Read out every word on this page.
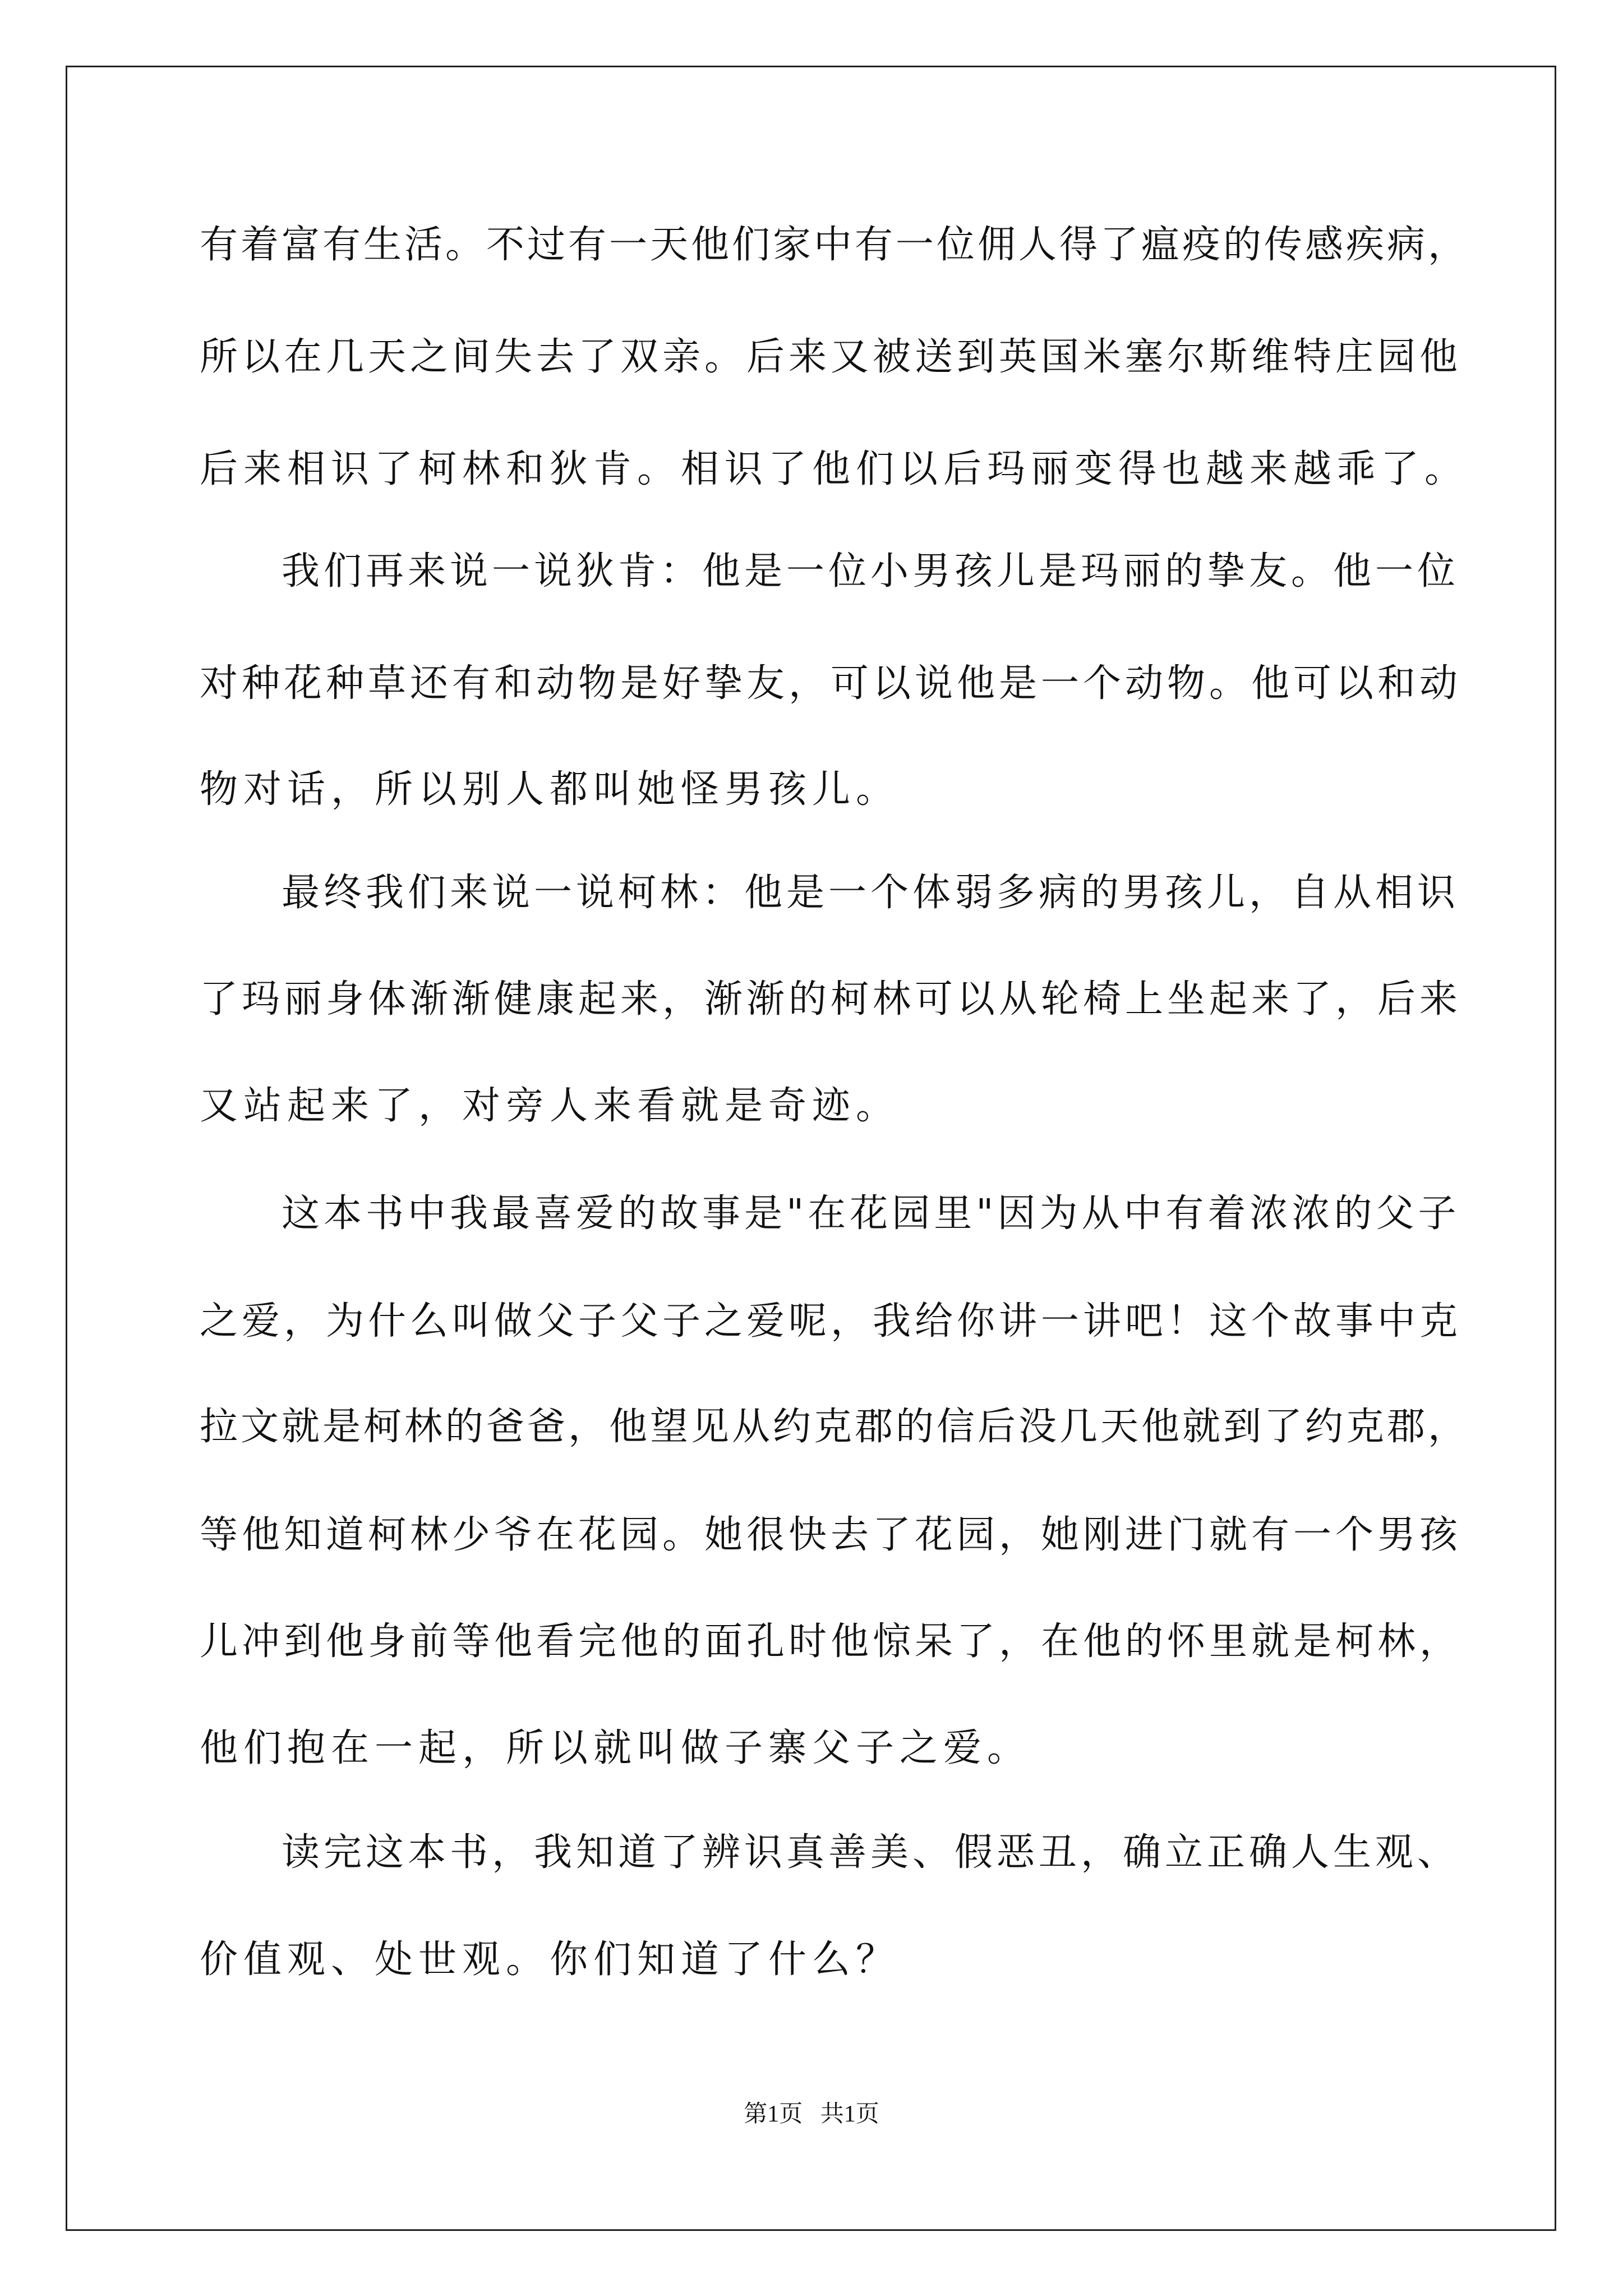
有着富有生活。不过有一天他们家中有一位佣人得了瘟疫的传感疾病，
所以在几天之间失去了双亲。后来又被送到英国米塞尔斯维特庄园他
后来相识了柯林和狄肯。相识了他们以后玛丽变得也越来越乖了。
我们再来说一说狄肯：他是一位小男孩儿是玛丽的挚友。他一位
对种花种草还有和动物是好挚友，可以说他是一个动物。他可以和动
物对话，所以别人都叫她怪男孩儿。
最终我们来说一说柯林：他是一个体弱多病的男孩儿，自从相识
了玛丽身体渐渐健康起来，渐渐的柯林可以从轮椅上坐起来了，后来
又站起来了，对旁人来看就是奇迹。
这本书中我最喜爱的故事是"在花园里"因为从中有着浓浓的父子
之爱，为什么叫做父子父子之爱呢，我给你讲一讲吧！这个故事中克
拉文就是柯林的爸爸，他望见从约克郡的信后没几天他就到了约克郡，
等他知道柯林少爷在花园。她很快去了花园，她刚进门就有一个男孩
儿冲到他身前等他看完他的面孔时他惊呆了，在他的怀里就是柯林，
他们抱在一起，所以就叫做子寨父子之爱。
读完这本书，我知道了辨识真善美、假恶丑，确立正确人生观、
价值观、处世观。你们知道了什么？
第1页   共1页
